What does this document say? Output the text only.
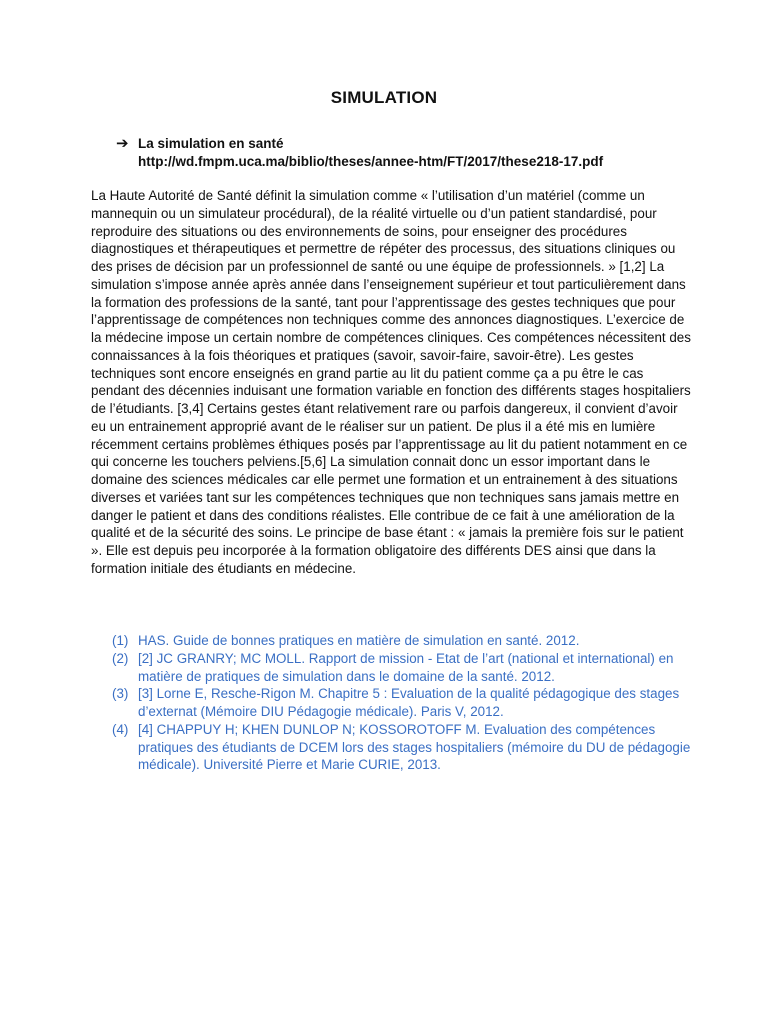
SIMULATION
➔ La simulation en santé
http://wd.fmpm.uca.ma/biblio/theses/annee-htm/FT/2017/these218-17.pdf
La Haute Autorité de Santé définit la simulation comme « l’utilisation d’un matériel (comme un mannequin ou un simulateur procédural), de la réalité virtuelle ou d’un patient standardisé, pour reproduire des situations ou des environnements de soins, pour enseigner des procédures diagnostiques et thérapeutiques et permettre de répéter des processus, des situations cliniques ou des prises de décision par un professionnel de santé ou une équipe de professionnels. » [1,2] La simulation s’impose année après année dans l’enseignement supérieur et tout particulièrement dans la formation des professions de la santé, tant pour l’apprentissage des gestes techniques que pour l’apprentissage de compétences non techniques comme des annonces diagnostiques. L’exercice de la médecine impose un certain nombre de compétences cliniques. Ces compétences nécessitent des connaissances à la fois théoriques et pratiques (savoir, savoir-faire, savoir-être). Les gestes techniques sont encore enseignés en grand partie au lit du patient comme ça a pu être le cas pendant des décennies induisant une formation variable en fonction des différents stages hospitaliers de l’étudiants. [3,4] Certains gestes étant relativement rare ou parfois dangereux, il convient d’avoir eu un entrainement approprié avant de le réaliser sur un patient. De plus il a été mis en lumière récemment certains problèmes éthiques posés par l’apprentissage au lit du patient notamment en ce qui concerne les touchers pelviens.[5,6] La simulation connait donc un essor important dans le domaine des sciences médicales car elle permet une formation et un entrainement à des situations diverses et variées tant sur les compétences techniques que non techniques sans jamais mettre en danger le patient et dans des conditions réalistes. Elle contribue de ce fait à une amélioration de la qualité et de la sécurité des soins. Le principe de base étant : « jamais la première fois sur le patient ». Elle est depuis peu incorporée à la formation obligatoire des différents DES ainsi que dans la formation initiale des étudiants en médecine.
(1) HAS. Guide de bonnes pratiques en matière de simulation en santé. 2012.
(2) [2] JC GRANRY; MC MOLL. Rapport de mission - Etat de l’art (national et international) en matière de pratiques de simulation dans le domaine de la santé. 2012.
(3) [3] Lorne E, Resche-Rigon M. Chapitre 5 : Evaluation de la qualité pédagogique des stages d’externat (Mémoire DIU Pédagogie médicale). Paris V, 2012.
(4) [4] CHAPPUY H; KHEN DUNLOP N; KOSSOROTOFF M. Evaluation des compétences pratiques des étudiants de DCEM lors des stages hospitaliers (mémoire du DU de pédagogie médicale). Université Pierre et Marie CURIE, 2013.
